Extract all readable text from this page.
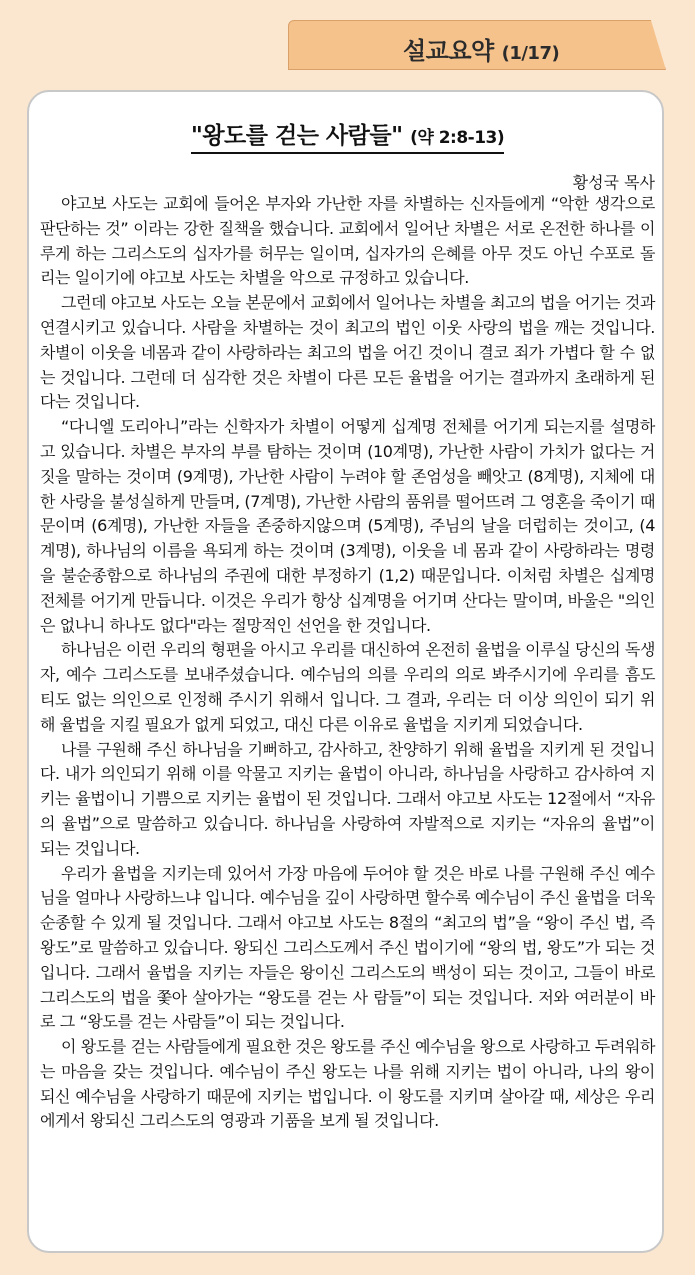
설교요약 (1/17)
"왕도를 걷는 사람들" (약 2:8-13)
황성국 목사

야고보 사도는 교회에 들어온 부자와 가난한 자를 차별하는 신자들에게 “악한 생각으로 판단하는 것” 이라는 강한 질책을 했습니다. 교회에서 일어난 차별은 서로 온전한 하나를 이루게 하는 그리스도의 십자가를 허무는 일이며, 십자가의 은혜를 아무 것도 아닌 수포로 돌리는 일이기에 야고보 사도는 차별을 악으로 규정하고 있습니다.

그런데 야고보 사도는 오늘 본문에서 교회에서 일어나는 차별을 최고의 법을 어기는 것과 연결시키고 있습니다. 사람을 차별하는 것이 최고의 법인 이웃 사랑의 법을 깨는 것입니다. 차별이 이웃을 네몸과 같이 사랑하라는 최고의 법을 어긴 것이니 결코 죄가 가볍다 할 수 없는 것입니다. 그런데 더 심각한 것은 차별이 다른 모든 율법을 어기는 결과까지 초래하게 된다는 것입니다.

“다니엘 도리아니”라는 신학자가 차별이 어떻게 십계명 전체를 어기게 되는지를 설명하고 있습니다. 차별은 부자의 부를 탐하는 것이며 (10계명), 가난한 사람이 가치가 없다는 거짓을 말하는 것이며 (9계명), 가난한 사람이 누려야 할 존엄성을 빼앗고 (8계명), 지체에 대한 사랑을 불성실하게 만들며, (7계명), 가난한 사람의 품위를 떨어뜨려 그 영혼을 죽이기 때문이며 (6계명), 가난한 자들을 존중하지않으며 (5계명), 주님의 날을 더럽히는 것이고, (4계명), 하나님의 이름을 욕되게 하는 것이며 (3계명), 이웃을 네 몸과 같이 사랑하라는 명령을 불순종함으로 하나님의 주권에 대한 부정하기 (1,2) 때문입니다. 이처럼 차별은 십계명 전체를 어기게 만듭니다. 이것은 우리가 항상 십계명을 어기며 산다는 말이며, 바울은 "의인은 없나니 하나도 없다"라는 절망적인 선언을 한 것입니다.

하나님은 이런 우리의 형편을 아시고 우리를 대신하여 온전히 율법을 이루실 당신의 독생자, 예수 그리스도를 보내주셨습니다. 예수님의 의를 우리의 의로 봐주시기에 우리를 흠도 티도 없는 의인으로 인정해 주시기 위해서 입니다. 그 결과, 우리는 더 이상 의인이 되기 위해 율법을 지킬 필요가 없게 되었고, 대신 다른 이유로 율법을 지키게 되었습니다.

나를 구원해 주신 하나님을 기뻐하고, 감사하고, 찬양하기 위해 율법을 지키게 된 것입니다. 내가 의인되기 위해 이를 악물고 지키는 율법이 아니라, 하나님을 사랑하고 감사하여 지키는 율법이니 기쁨으로 지키는 율법이 된 것입니다. 그래서 야고보 사도는 12절에서 “자유의 율법”으로 말씀하고 있습니다. 하나님을 사랑하여 자발적으로 지키는 “자유의 율법”이 되는 것입니다.

우리가 율법을 지키는데 있어서 가장 마음에 두어야 할 것은 바로 나를 구원해 주신 예수님을 얼마나 사랑하느냐 입니다. 예수님을 깊이 사랑하면 할수록 예수님이 주신 율법을 더욱 순종할 수 있게 될 것입니다. 그래서 야고보 사도는 8절의 “최고의 법”을 “왕이 주신 법, 즉 왕도”로 말씀하고 있습니다. 왕되신 그리스도께서 주신 법이기에 “왕의 법, 왕도”가 되는 것입니다. 그래서 율법을 지키는 자들은 왕이신 그리스도의 백성이 되는 것이고, 그들이 바로 그리스도의 법을 쫓아 살아가는 “왕도를 걷는 사 람들”이 되는 것입니다. 저와 여러분이 바로 그 “왕도를 걷는 사람들”이 되는 것입니다.

이 왕도를 걷는 사람들에게 필요한 것은 왕도를 주신 예수님을 왕으로 사랑하고 두려워하는 마음을 갖는 것입니다. 예수님이 주신 왕도는 나를 위해 지키는 법이 아니라, 나의 왕이 되신 예수님을 사랑하기 때문에 지키는 법입니다. 이 왕도를 지키며 살아갈 때, 세상은 우리에게서 왕되신 그리스도의 영광과 기품을 보게 될 것입니다.
